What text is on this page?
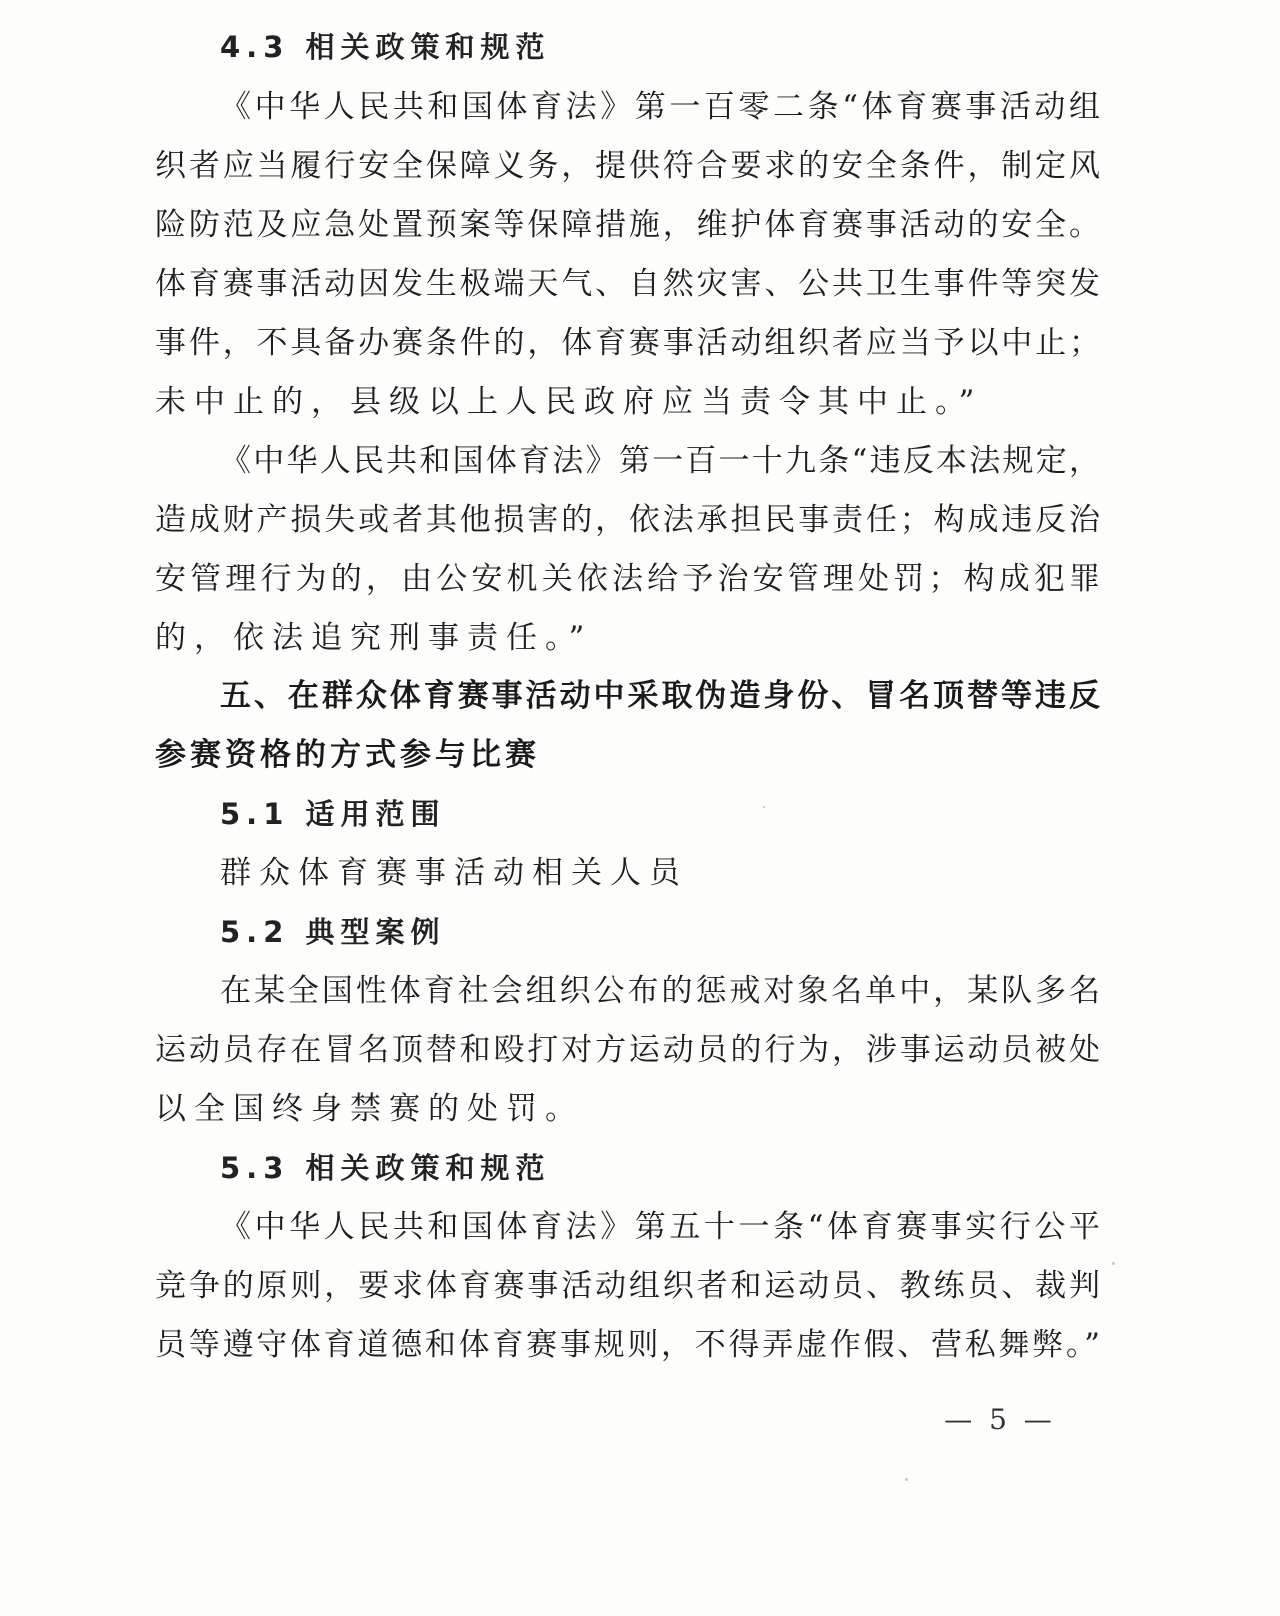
4.3 相关政策和规范
《中华人民共和国体育法》第一百零二条“体育赛事活动组
织者应当履行安全保障义务，提供符合要求的安全条件，制定风
险防范及应急处置预案等保障措施，维护体育赛事活动的安全。
体育赛事活动因发生极端天气、自然灾害、公共卫生事件等突发
事件，不具备办赛条件的，体育赛事活动组织者应当予以中止；
未中止的，县级以上人民政府应当责令其中止。”
《中华人民共和国体育法》第一百一十九条“违反本法规定，
造成财产损失或者其他损害的，依法承担民事责任；构成违反治
安管理行为的，由公安机关依法给予治安管理处罚；构成犯罪
的，依法追究刑事责任。”
五、在群众体育赛事活动中采取伪造身份、冒名顶替等违反
参赛资格的方式参与比赛
5.1 适用范围
群众体育赛事活动相关人员
5.2 典型案例
在某全国性体育社会组织公布的惩戒对象名单中，某队多名
运动员存在冒名顶替和殴打对方运动员的行为，涉事运动员被处
以全国终身禁赛的处罚。
5.3 相关政策和规范
《中华人民共和国体育法》第五十一条“体育赛事实行公平
竞争的原则，要求体育赛事活动组织者和运动员、教练员、裁判
员等遵守体育道德和体育赛事规则，不得弄虚作假、营私舞弊。”
— 5 —
